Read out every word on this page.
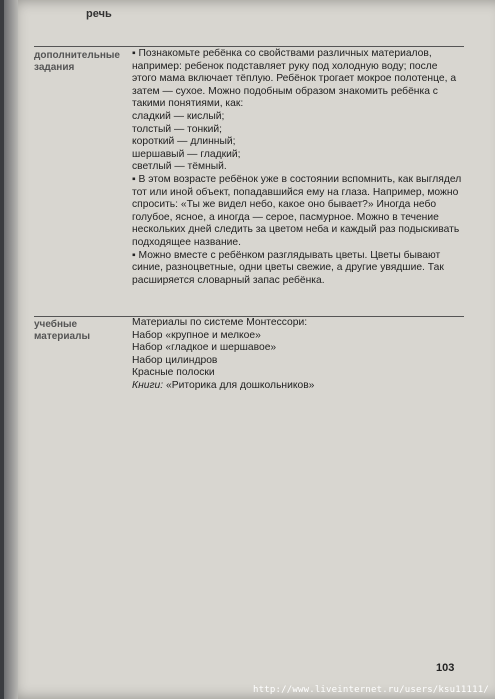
речь
дополнительные задания

▪ Познакомьте ребёнка со свойствами различных материалов, например: ребенок подставляет руку под холодную воду; после этого мама включает тёплую. Ребёнок трогает мокрое полотенце, а затем — сухое. Можно подобным образом знакомить ребёнка с такими понятиями, как:

сладкий — кислый;
толстый — тонкий;
короткий — длинный;
шершавый — гладкий;
светлый — тёмный.

▪ В этом возрасте ребёнок уже в состоянии вспомнить, как выглядел тот или иной объект, попадавшийся ему на глаза. Например, можно спросить: «Ты же видел небо, какое оно бывает?» Иногда небо голубое, ясное, а иногда — серое, пасмурное. Можно в течение нескольких дней следить за цветом неба и каждый раз подыскивать подходящее название.

▪ Можно вместе с ребёнком разглядывать цветы. Цветы бывают синие, разноцветные, одни цветы свежие, а другие увядшие. Так расширяется словарный запас ребёнка.

учебные материалы
Материалы по системе Монтессори:
Набор «крупное и мелкое»
Набор «гладкое и шершавое»
Набор цилиндров
Красные полоски
Книги: «Риторика для дошкольников»
103
http://www.liveinternet.ru/users/ksu11111/
